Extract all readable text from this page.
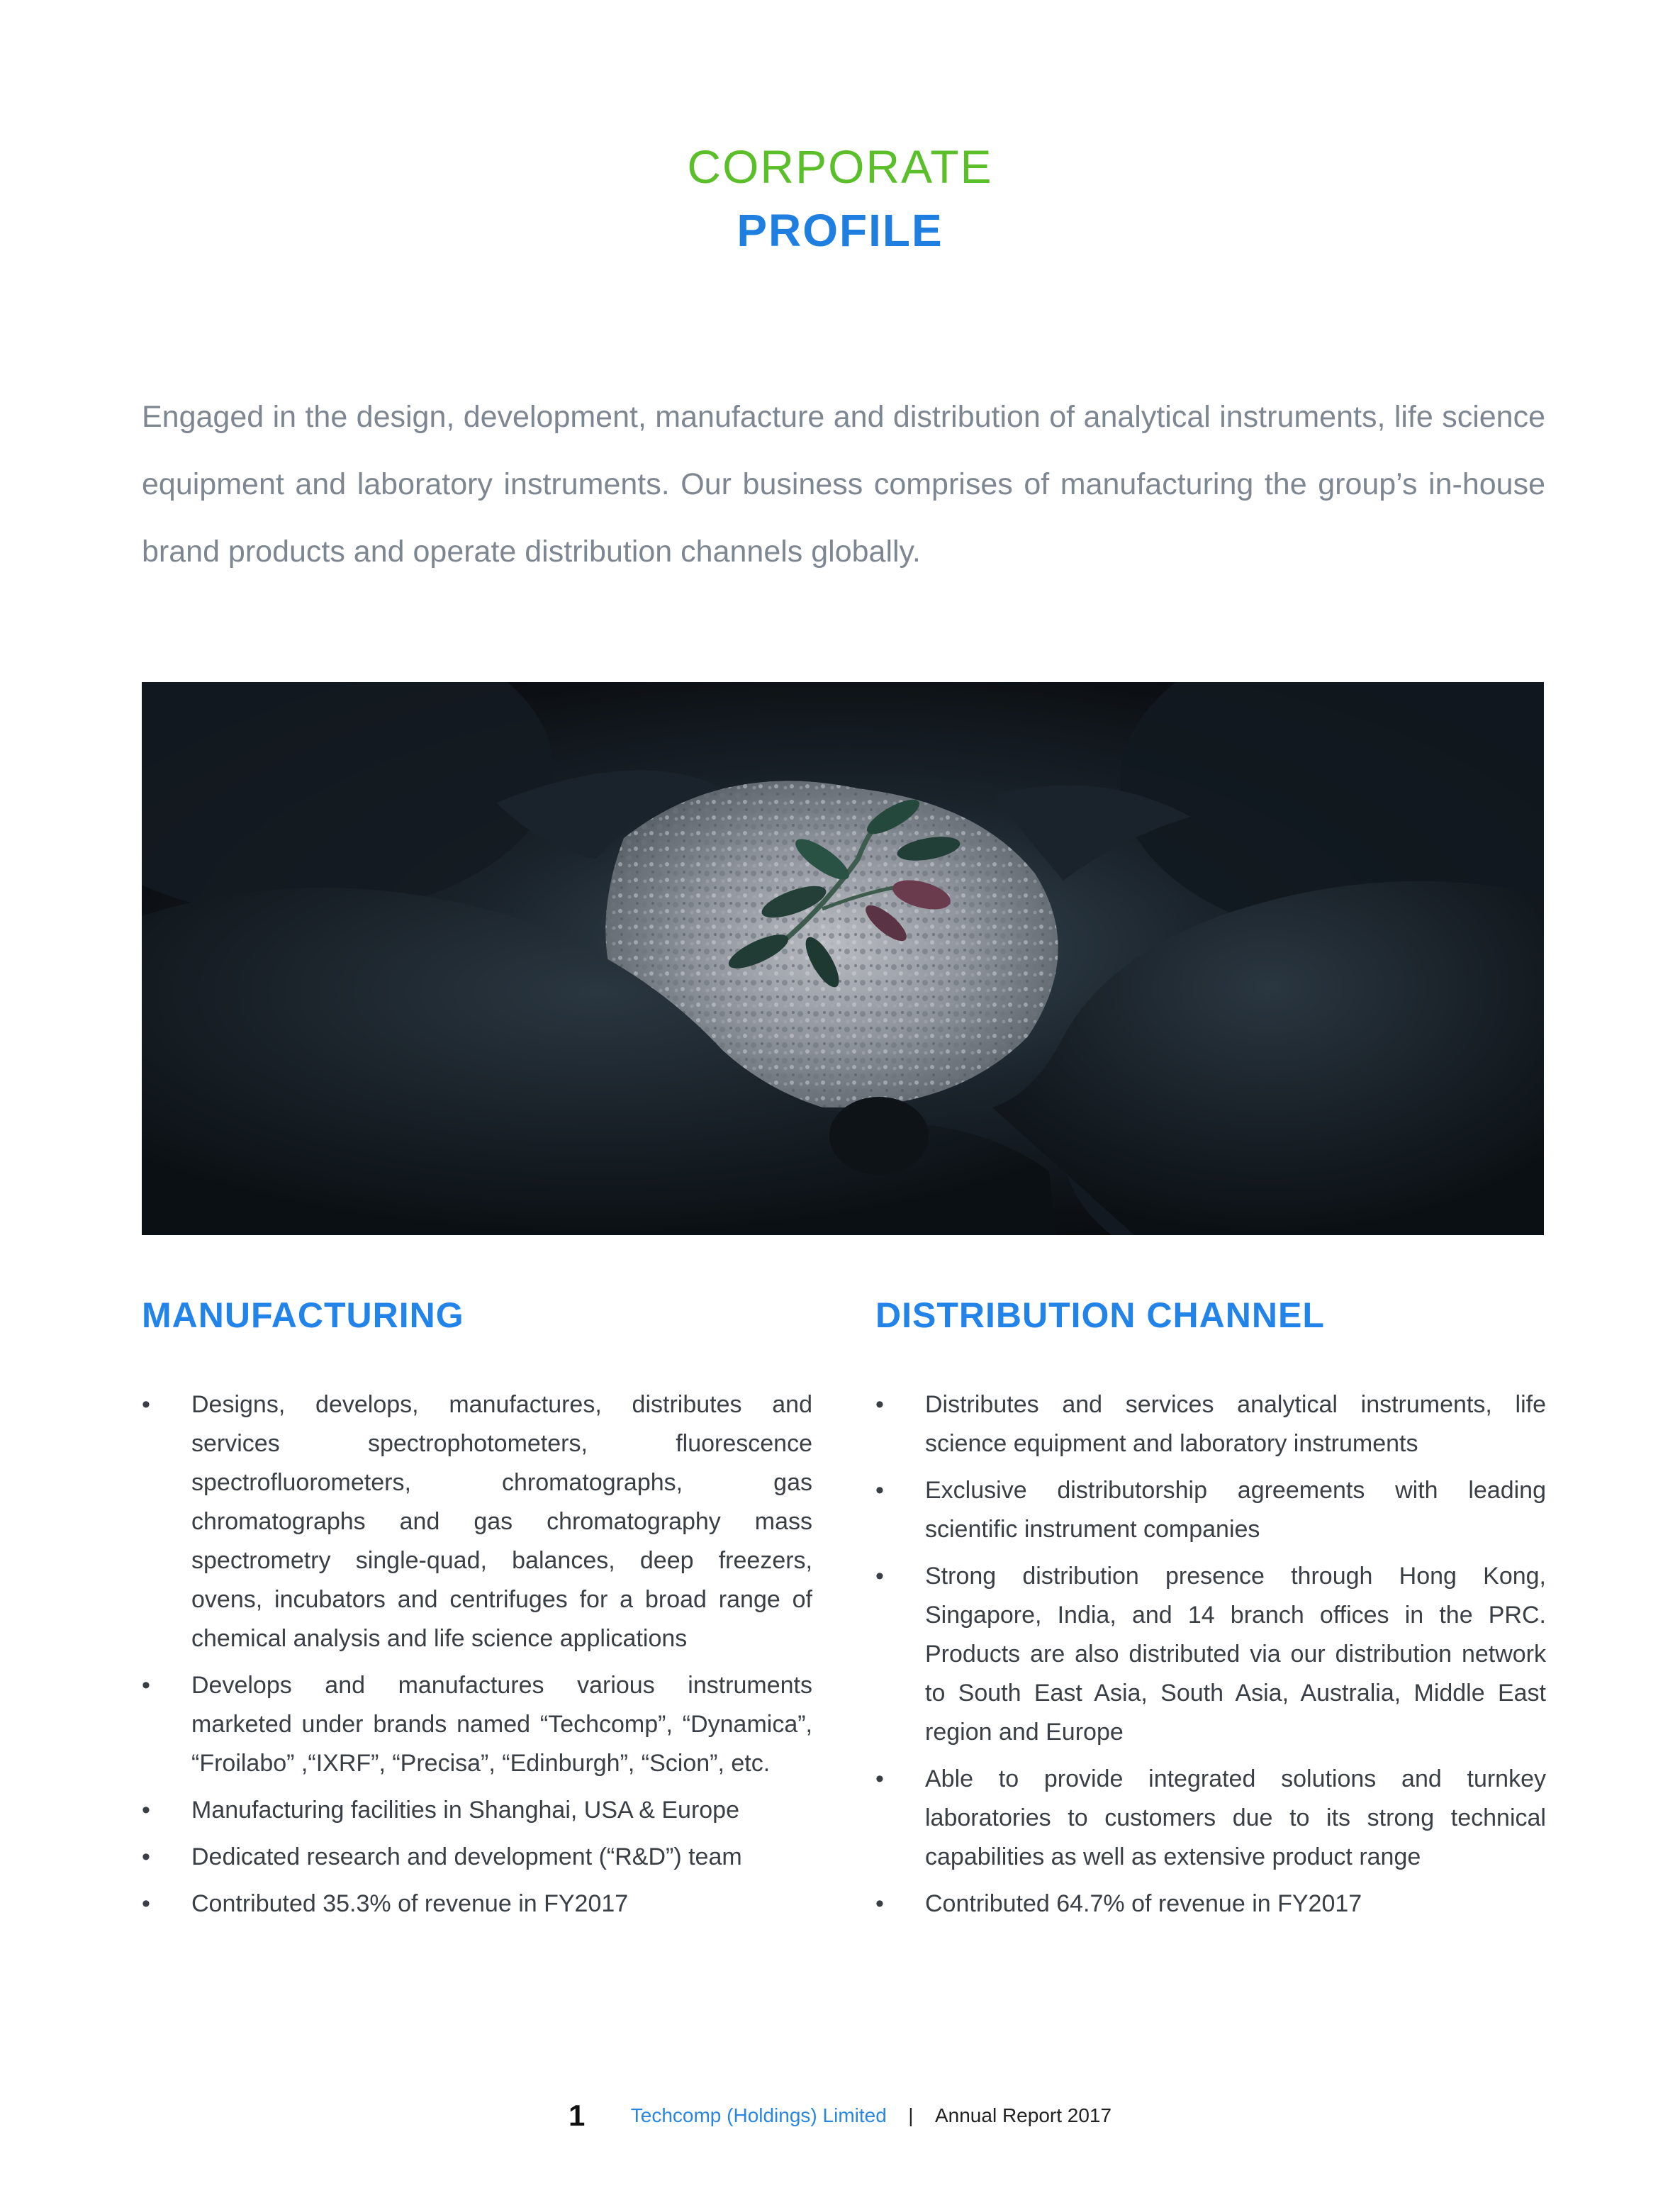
CORPORATE
PROFILE

Engaged in the design, development, manufacture and distribution of analytical instruments, life science equipment and laboratory instruments. Our business comprises of manufacturing the group’s in-house brand products and operate distribution channels globally.

MANUFACTURING
•	Designs, develops, manufactures, distributes and services spectrophotometers, fluorescence spectrofluorometers, chromatographs, gas chromatographs and gas chromatography mass spectrometry single-quad, balances, deep freezers, ovens, incubators and centrifuges for a broad range of chemical analysis and life science applications
•	Develops and manufactures various instruments marketed under brands named “Techcomp”, “Dynamica”, “Froilabo” ,“IXRF”, “Precisa”, “Edinburgh”, “Scion”, etc.
•	Manufacturing facilities in Shanghai, USA & Europe
•	Dedicated research and development (“R&D”) team
•	Contributed 35.3% of revenue in FY2017
DISTRIBUTION CHANNEL
•	Distributes and services analytical instruments, life science equipment and laboratory instruments
•	Exclusive distributorship agreements with leading scientific instrument companies
•	Strong distribution presence through Hong Kong, Singapore, India, and 14 branch offices in the PRC. Products are also distributed via our distribution network to South East Asia, South Asia, Australia, Middle East region and Europe
•	Able to provide integrated solutions and turnkey laboratories to customers due to its strong technical capabilities as well as extensive product range
•	Contributed 64.7% of revenue in FY2017
1 Techcomp (Holdings) Limited | Annual Report 2017
